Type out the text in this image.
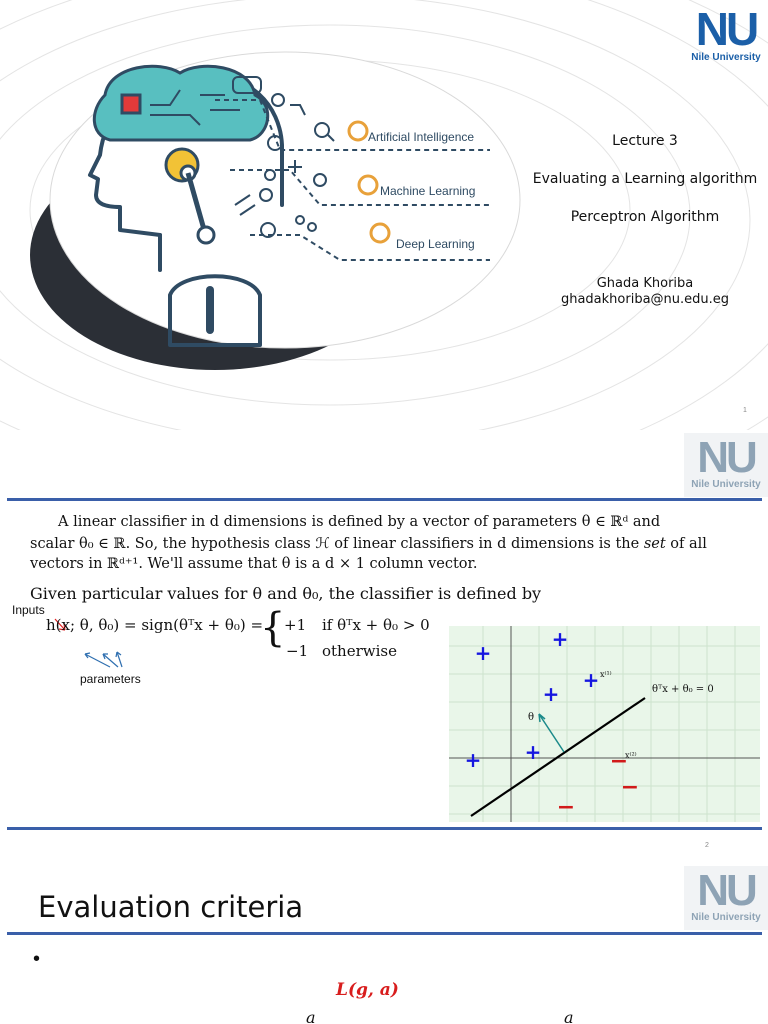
Artificial Intelligence
Machine Learning
Deep Learning
NU
Nile University
Lecture 3
Evaluating a Learning algorithm
Perceptron Algorithm
Ghada Khoriba
ghadakhoriba@nu.edu.eg
1
NU
Nile University
A linear classifier in d dimensions is defined by a vector of parameters θ ∈ ℝᵈ and
scalar θ₀ ∈ ℝ. So, the hypothesis class ℋ of linear classifiers in d dimensions is the set of all
vectors in ℝᵈ⁺¹. We'll assume that θ is a d × 1 column vector.
Given particular values for θ and θ₀, the classifier is defined by
Inputs
parameters
h(x; θ, θ₀) = sign(θᵀx + θ₀) =
{
+1 if θᵀx + θ₀ > 0
−1 otherwise
θ
θᵀx + θ₀ = 0
x⁽¹⁾
x⁽²⁾
+
+
+
+
+
+	−
−
−
2
NU
Nile University
Evaluation criteria
•
L(g, a)
a	a
